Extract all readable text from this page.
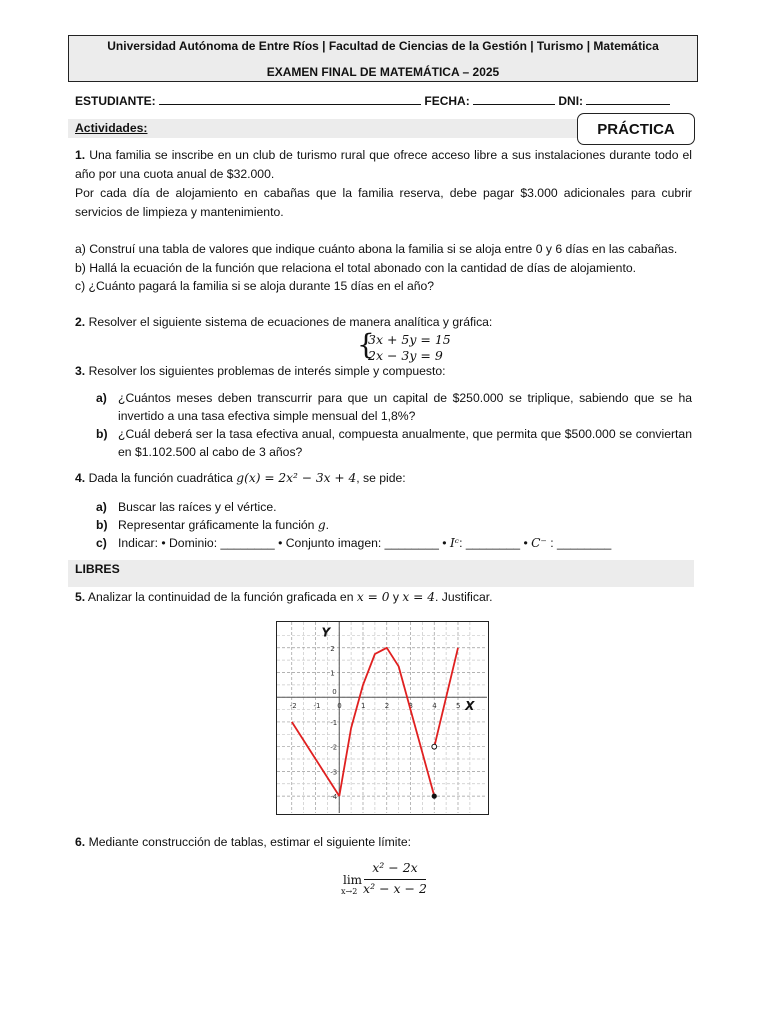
Universidad Autónoma de Entre Ríos | Facultad de Ciencias de la Gestión | Turismo | Matemática
EXAMEN FINAL DE MATEMÁTICA – 2025
ESTUDIANTE:	FECHA:	DNI:
Actividades:	PRÁCTICA
1. Una familia se inscribe en un club de turismo rural que ofrece acceso libre a sus instalaciones durante todo el año por una cuota anual de $32.000.
Por cada día de alojamiento en cabañas que la familia reserva, debe pagar $3.000 adicionales para cubrir servicios de limpieza y mantenimiento.
a) Construí una tabla de valores que indique cuánto abona la familia si se aloja entre 0 y 6 días en las cabañas.
b) Hallá la ecuación de la función que relaciona el total abonado con la cantidad de días de alojamiento.
c) ¿Cuánto pagará la familia si se aloja durante 15 días en el año?
2. Resolver el siguiente sistema de ecuaciones de manera analítica y gráfica:
{
3x + 5y = 15
2x − 3y = 9
3. Resolver los siguientes problemas de interés simple y compuesto:
a) ¿Cuántos meses deben transcurrir para que un capital de $250.000 se triplique, sabiendo que se ha invertido a una tasa efectiva simple mensual del 1,8%?
b) ¿Cuál deberá ser la tasa efectiva anual, compuesta anualmente, que permita que $500.000 se conviertan en $1.102.500 al cabo de 3 años?
4. Dada la función cuadrática g(x) = 2x² − 3x + 4, se pide:
a) Buscar las raíces y el vértice.
b) Representar gráficamente la función g.
c) Indicar: • Dominio: ________ • Conjunto imagen: ________ • Iᶜ: ________ • C⁻ : ________
LIBRES
5. Analizar la continuidad de la función graficada en x = 0 y x = 4. Justificar.
-2 -1 0	1	2	3	4	5
2
1
-1
-2
-3
-4
0
X
Y
6. Mediante construcción de tablas, estimar el siguiente límite:
lim
x→2
x² − 2x
x² − x − 2
